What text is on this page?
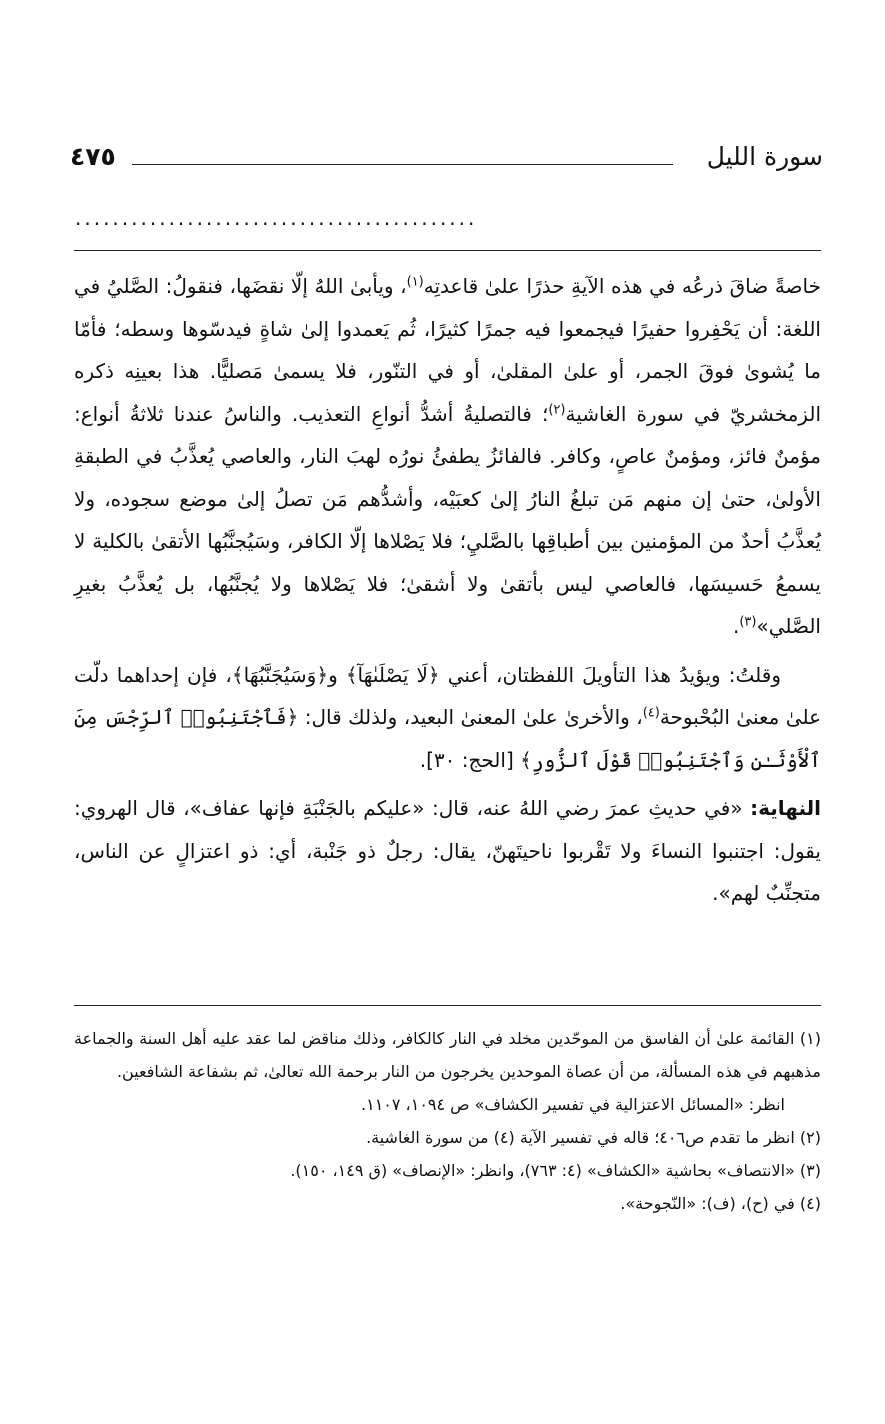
سورة الليل
٤٧٥
...........................................

خاصةً ضاقَ ذرعُه في هذه الآيةِ حذرًا علىٰ قاعدتِه$^{(١)}$، ويأبىٰ اللهُ إلّا نقضَها، فنقولُ: الصَّليُ في اللغة: أن يَحْفِروا حفيرًا فيجمعوا فيه جمرًا كثيرًا، ثُم يَعمدوا إلىٰ شاةٍ فيدسّوها وسطه؛ فأمّا ما يُشوىٰ فوقَ الجمر، أو علىٰ المقلىٰ، أو في التنّور، فلا يسمىٰ مَصليًّا. هذا بعينِه ذكره الزمخشريّ في سورة الغاشية$^{(٢)}$؛ فالتصليةُ أشدُّ أنواعِ التعذيب. والناسُ عندنا ثلاثةُ أنواع: مؤمنٌ فائز، ومؤمنٌ عاصٍ، وكافر. فالفائزُ يطفئُ نورُه لهبَ النار، والعاصي يُعذَّبُ في الطبقةِ الأولىٰ، حتىٰ إن منهم مَن تبلغُ النارُ إلىٰ كعبَيْه، وأشدُّهم مَن تصلُ إلىٰ موضع سجوده، ولا يُعذَّبُ أحدٌ من المؤمنين بين أطباقِها بالصَّليِ؛ فلا يَصْلاها إلّا الكافر، وسَيُجنَّبُها الأتقىٰ بالكلية لا يسمعُ حَسيسَها، فالعاصي ليس بأتقىٰ ولا أشقىٰ؛ فلا يَصْلاها ولا يُجنَّبُها، بل يُعذَّبُ بغيرِ الصَّلي»$^{(٣)}$.

وقلتُ: ويؤيدُ هذا التأويلَ اللفظتان، أعني ﴿لَا يَصْلَىٰهَآ﴾ و﴿وَسَيُجَنَّبُهَا﴾، فإن إحداهما دلّت علىٰ معنىٰ البُحْبوحة$^{(٤)}$، والأخرىٰ علىٰ المعنىٰ البعيد، ولذلك قال: ﴿فَٱجْتَنِبُوا۟ ٱلرِّجْسَ مِنَ ٱلْأَوْثَـٰنِ وَٱجْتَنِبُوا۟ قَوْلَ ٱلزُّورِ﴾ [الحج: ٣٠].

النهاية: «في حديثِ عمرَ رضي اللهُ عنه، قال: «عليكم بالجَنْبَةِ فإنها عفاف»، قال الهروي: يقول: اجتنبوا النساءَ ولا تَقْربوا ناحيتَهنّ، يقال: رجلٌ ذو جَنْبة، أي: ذو اعتزالٍ عن الناس، متجنِّبٌ لهم».

(١) القائمة علىٰ أن الفاسق من الموحّدين مخلد في النار كالكافر، وذلك مناقض لما عقد عليه أهل السنة والجماعة مذهبهم في هذه المسألة، من أن عصاة الموحدين يخرجون من النار برحمة الله تعالىٰ، ثم بشفاعة الشافعين.

انظر: «المسائل الاعتزالية في تفسير الكشاف» ص ١٠٩٤، ١١٠٧.

(٢) انظر ما تقدم ص٤٠٦؛ قاله في تفسير الآية (٤) من سورة الغاشية.

(٣) «الانتصاف» بحاشية «الكشاف» (٤: ٧٦٣)، وانظر: «الإنصاف» (ق ١٤٩، ١٥٠).

(٤) في (ح)، (ف): «النّجوحة».
